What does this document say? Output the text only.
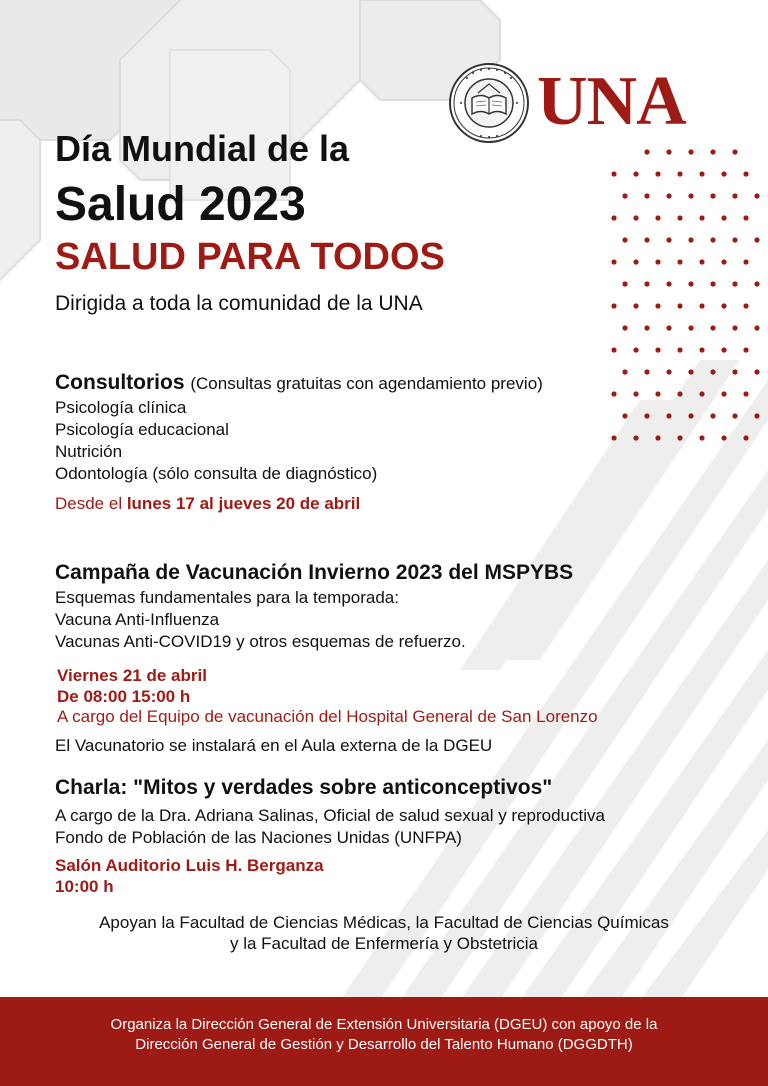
UNA
Día Mundial de la
Salud 2023
SALUD PARA TODOS
Dirigida a toda la comunidad de la UNA
Consultorios (Consultas gratuitas con agendamiento previo)
Psicología clínica
Psicología educacional
Nutrición
Odontología (sólo consulta de diagnóstico)
Desde el lunes 17 al jueves 20 de abril
Campaña de Vacunación Invierno 2023 del MSPYBS
Esquemas fundamentales para la temporada:
Vacuna Anti-Influenza
Vacunas Anti-COVID19 y otros esquemas de refuerzo.
Viernes 21 de abril
De 08:00 15:00 h
A cargo del Equipo de vacunación del Hospital General de San Lorenzo
El Vacunatorio se instalará en el Aula externa de la DGEU
Charla: "Mitos y verdades sobre anticonceptivos"
A cargo de la Dra. Adriana Salinas, Oficial de salud sexual y reproductiva
Fondo de Población de las Naciones Unidas (UNFPA)
Salón Auditorio Luis H. Berganza
10:00 h
Apoyan la Facultad de Ciencias Médicas, la Facultad de Ciencias Químicas
y la Facultad de Enfermería y Obstetricia
Organiza la Dirección General de Extensión Universitaria (DGEU) con apoyo de la
Dirección General de Gestión y Desarrollo del Talento Humano (DGGDTH)
